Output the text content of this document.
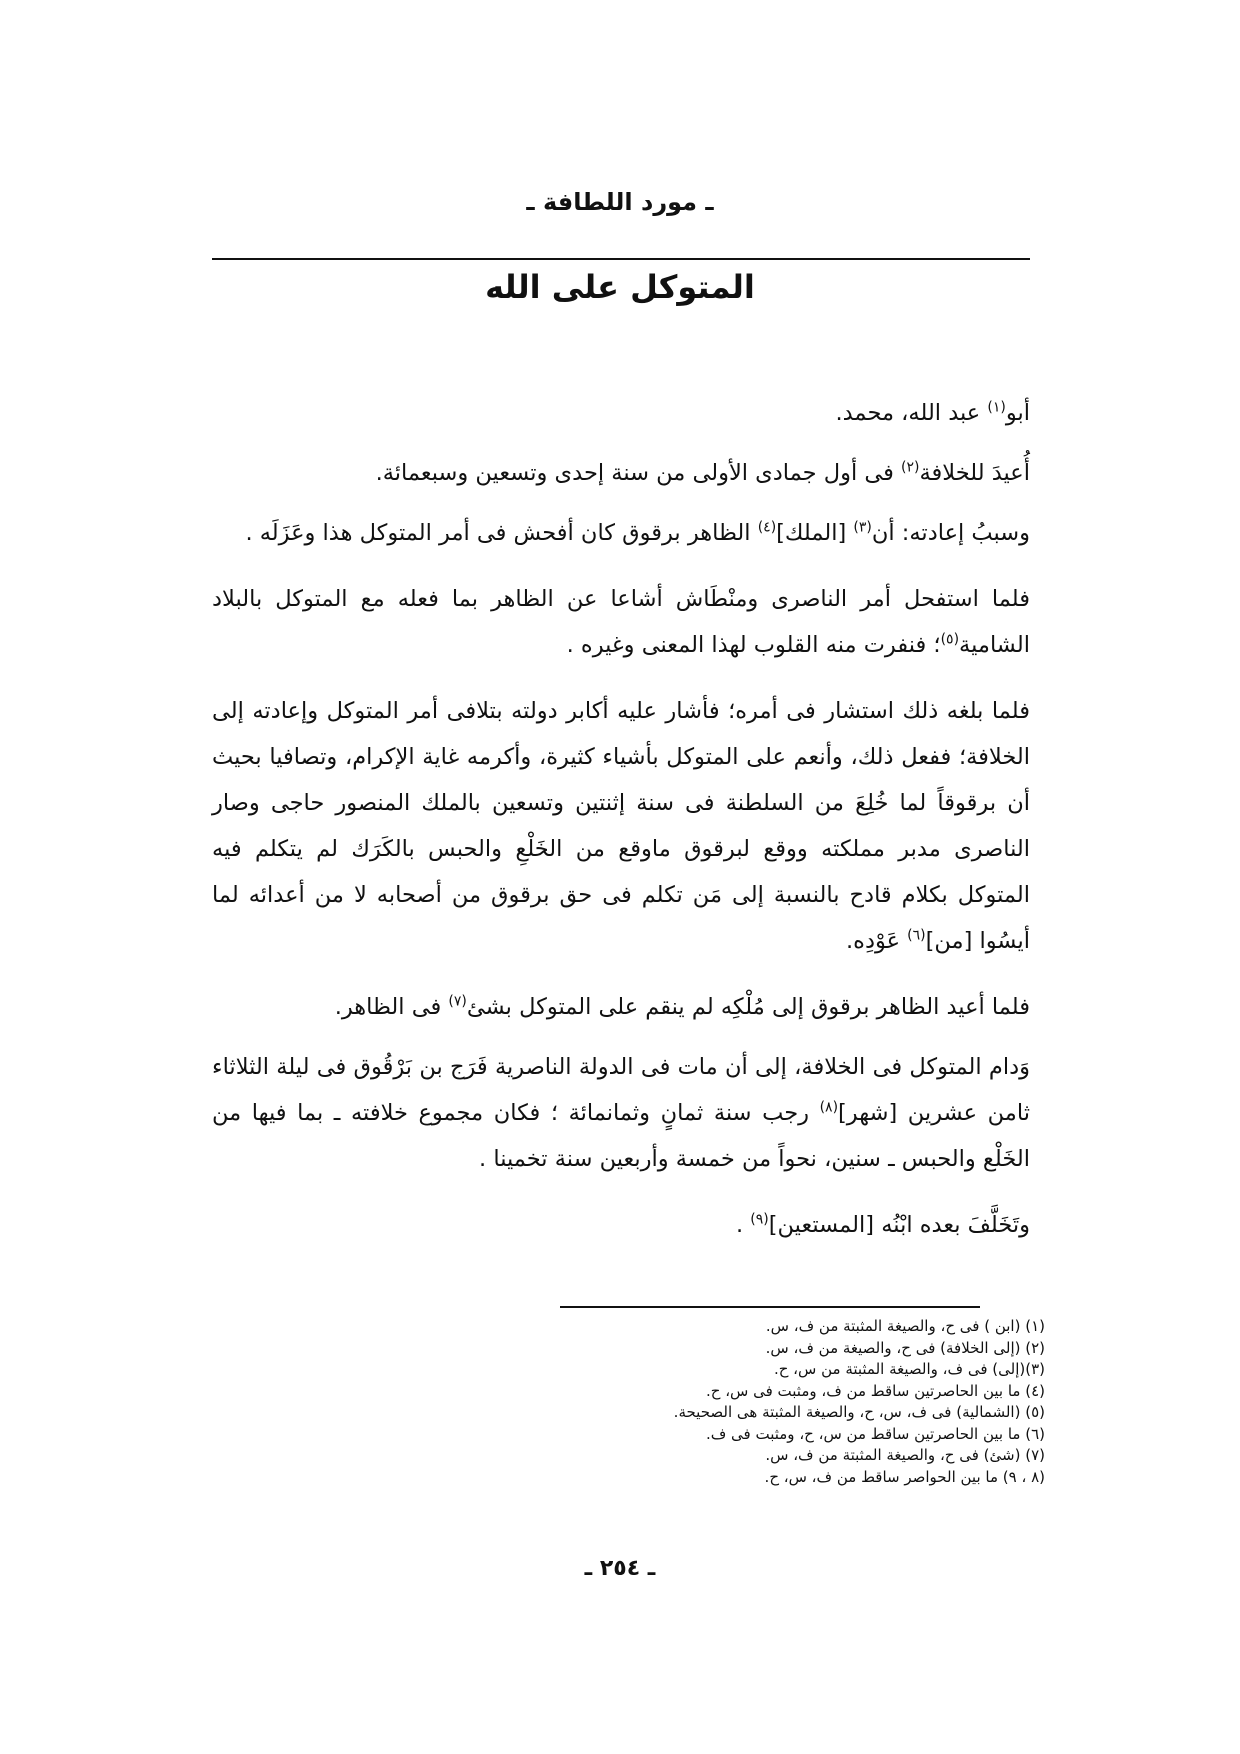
ـ مورد اللطافة ـ
المتوكل على الله

أبو$^{(١)}$ عبد الله، محمد.

أُعيدَ للخلافة$^{(٢)}$ فى أول جمادى الأولى من سنة إحدى وتسعين وسبعمائة.

وسببُ إعادته: أن$^{(٣)}$ [الملك]$^{(٤)}$ الظاهر برقوق كان أفحش فى أمر المتوكل هذا وعَزَلَه .

فلما استفحل أمر الناصرى ومنْطَاش أشاعا عن الظاهر بما فعله مع المتوكل بالبلاد الشامية$^{(٥)}$؛ فنفرت منه القلوب لهذا المعنى وغيره .

فلما بلغه ذلك استشار فى أمره؛ فأشار عليه أكابر دولته بتلافى أمر المتوكل وإعادته إلى الخلافة؛ ففعل ذلك، وأنعم على المتوكل بأشياء كثيرة، وأكرمه غاية الإكرام، وتصافيا بحيث أن برقوقاً لما خُلِعَ من السلطنة فى سنة إثنتين وتسعين بالملك المنصور حاجى وصار الناصرى مدبر مملكته ووقع لبرقوق ماوقع من الخَلْعِ والحبس بالكَرَك لم يتكلم فيه المتوكل بكلام قادح بالنسبة إلى مَن تكلم فى حق برقوق من أصحابه لا من أعدائه لما أيسُوا [من]$^{(٦)}$ عَوْدِه.

فلما أعيد الظاهر برقوق إلى مُلْكِه لم ينقم على المتوكل بشئ$^{(٧)}$ فى الظاهر.

وَدام المتوكل فى الخلافة، إلى أن مات فى الدولة الناصرية فَرَج بن بَرْقُوق فى ليلة الثلاثاء ثامن عشرين [شهر]$^{(٨)}$ رجب سنة ثمانٍ وثمانمائة ؛ فكان مجموع خلافته ـ بما فيها من الخَلْع والحبس ـ سنين، نحواً من خمسة وأربعين سنة تخمينا .

وتَخَلَّفَ بعده ابْنُه [المستعين]$^{(٩)}$ .

(١) (ابن ) فى ح، والصيغة المثبتة من ف، س.
(٢) (إلى الخلافة) فى ح، والصيغة من ف، س.
(٣)(إلى) فى ف، والصيغة المثبتة من س، ح.
(٤) ما بين الحاصرتين ساقط من ف، ومثبت فى س، ح.
(٥) (الشمالية) فى ف، س، ح، والصيغة المثبتة هى الصحيحة.
(٦) ما بين الحاصرتين ساقط من س، ح، ومثبت فى ف.
(٧) (شئ) فى ح، والصيغة المثبتة من ف، س.
(٨ ، ٩) ما بين الحواصر ساقط من ف، س، ح.
ـ ٢٥٤ ـ
